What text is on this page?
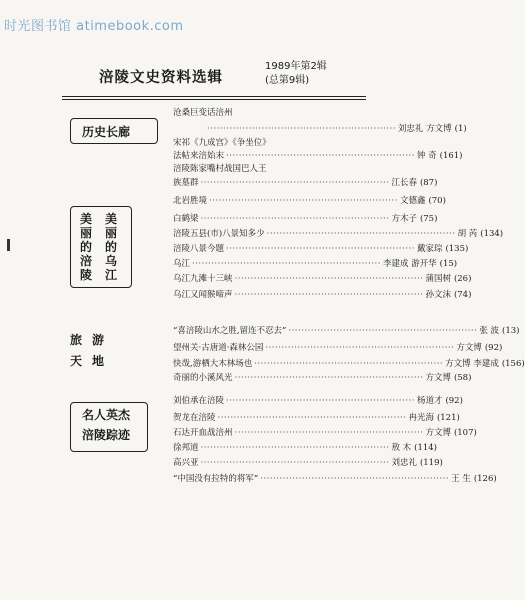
时光图书馆 atimebook.com
涪陵文史资料选辑
1989年第2辑
(总第9辑)
历史长廊
美
丽
的
涪
陵
美
丽
的
乌
江
旅 游
天 地
名人英杰
涪陵踪迹
沧桑巨变话涪州
··························································· 刘忠礼 方文博 (1)
宋祁《九成宫》《争坐位》
法帖来涪始末 ··························································· 钟 奇 (161)
涪陵陈家嘴村战国巴人王
族墓群 ··························································· 江长春 (87)
北岩胜境 ··························································· 文德鑫 (70)
白鹤梁 ··························································· 方木子 (75)
涪陵五县(市)八景知多少 ··························································· 胡 芮 (134)
涪陵八景今题 ··························································· 戴家琮 (135)
乌江 ··························································· 李建成 游开华 (15)
乌江九滩十三峡 ··························································· 蒲国树 (26)
乌江又闻猴啼声 ··························································· 孙文沫 (74)
“喜涪陵山水之胜,留连不忍去” ··························································· 张 波 (13)
望州关·古唐道·森林公园 ··························································· 方文博 (92)
快哉,游栖大木林场也 ··························································· 方文博 李建成 (156)
奇丽的小溪风光 ··························································· 方文博 (58)
刘伯承在涪陵 ··························································· 杨道才 (92)
贺龙在涪陵 ··························································· 冉光海 (121)
石达开血战涪州 ··························································· 方文博 (107)
徐邦道 ··························································· 敖 木 (114)
高兴亚 ··························································· 刘忠礼 (119)
“中国没有拉特的将军” ··························································· 王 生 (126)
